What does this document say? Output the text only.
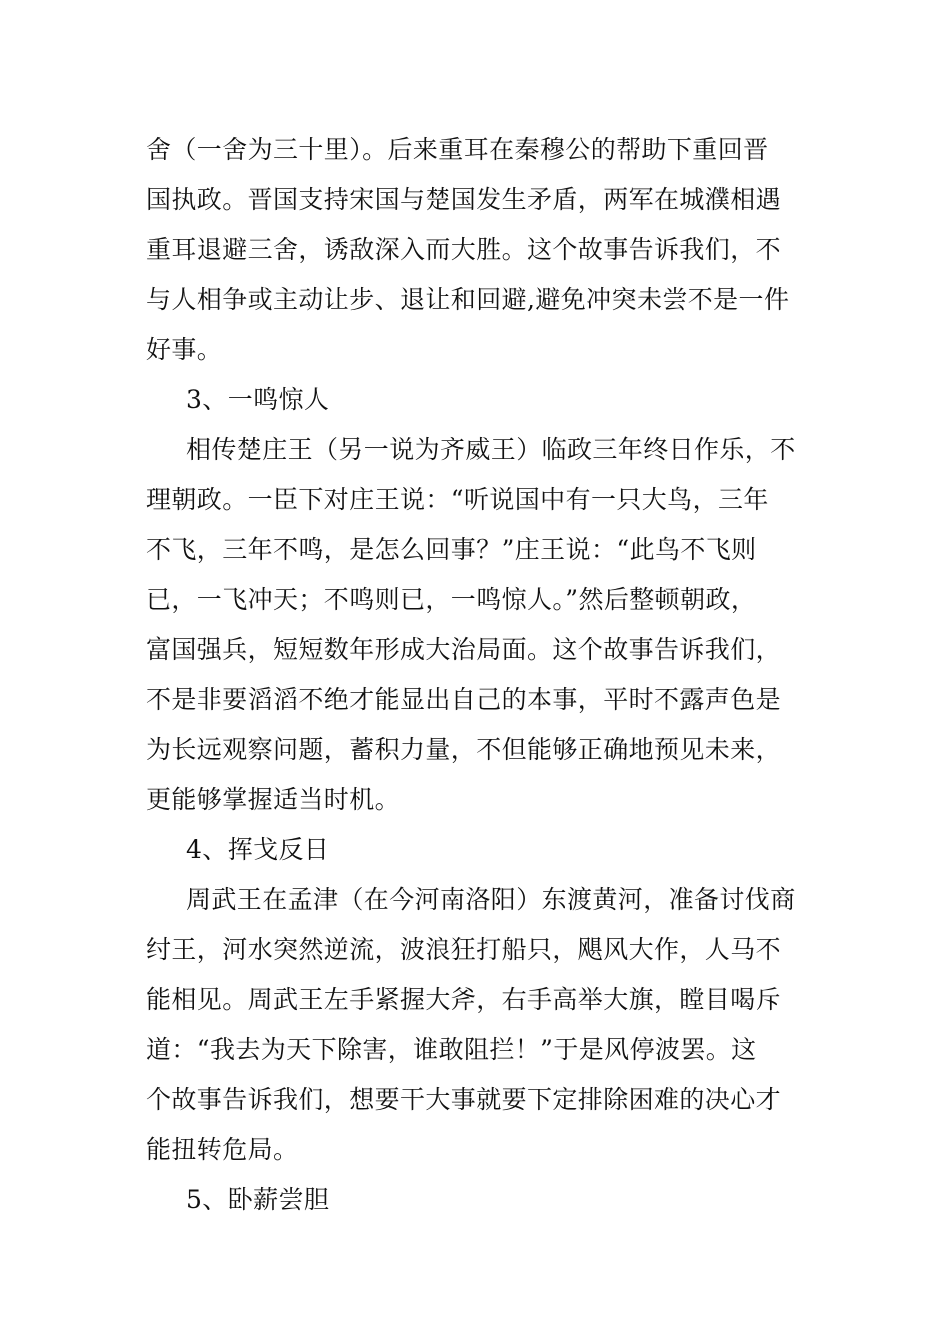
舍（一舍为三十里）。后来重耳在秦穆公的帮助下重回晋
国执政。晋国支持宋国与楚国发生矛盾，两军在城濮相遇
重耳退避三舍，诱敌深入而大胜。这个故事告诉我们，不
与人相争或主动让步、退让和回避,避免冲突未尝不是一件
好事。
3、一鸣惊人
相传楚庄王（另一说为齐威王）临政三年终日作乐，不
理朝政。一臣下对庄王说：“听说国中有一只大鸟，三年
不飞，三年不鸣，是怎么回事？”庄王说：“此鸟不飞则
已，一飞冲天；不鸣则已，一鸣惊人。”然后整顿朝政，
富国强兵，短短数年形成大治局面。这个故事告诉我们，
不是非要滔滔不绝才能显出自己的本事，平时不露声色是
为长远观察问题，蓄积力量，不但能够正确地预见未来，
更能够掌握适当时机。
4、挥戈反日
周武王在孟津（在今河南洛阳）东渡黄河，准备讨伐商
纣王，河水突然逆流，波浪狂打船只，飓风大作，人马不
能相见。周武王左手紧握大斧，右手高举大旗，瞠目喝斥
道：“我去为天下除害，谁敢阻拦！”于是风停波罢。这
个故事告诉我们，想要干大事就要下定排除困难的决心才
能扭转危局。
5、卧薪尝胆
